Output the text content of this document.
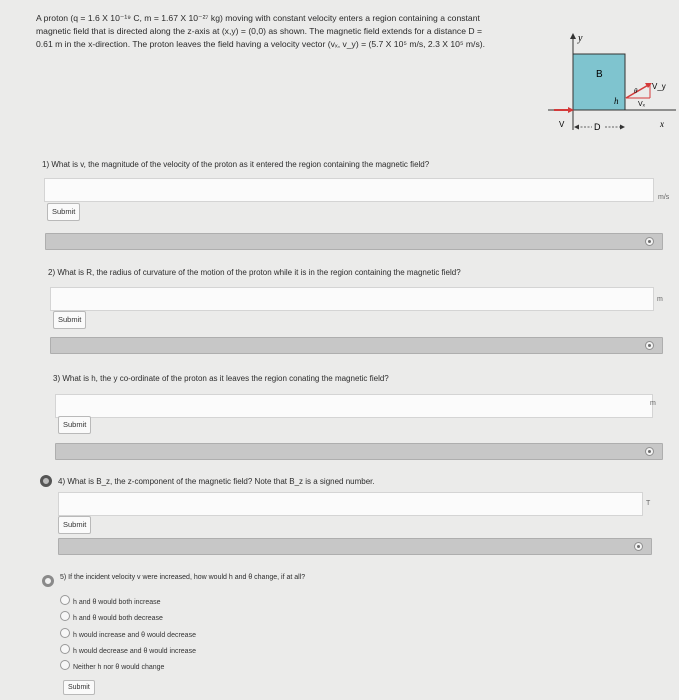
A proton (q = 1.6 X 10⁻¹⁹ C, m = 1.67 X 10⁻²⁷ kg) moving with constant velocity enters a region containing a constant
magnetic field that is directed along the z-axis at (x,y) = (0,0) as shown. The magnetic field extends for a distance D =
0.61 m in the x-direction. The proton leaves the field having a velocity vector (vₓ, v_y) = (5.7 X 10⁵ m/s, 2.3 X 10⁵ m/s).	y
x
B
h
V
θ V_y
Vₓ
D
1) What is v, the magnitude of the velocity of the proton as it entered the region containing the magnetic field?
m/s
Submit
2) What is R, the radius of curvature of the motion of the proton while it is in the region containing the magnetic field?
m
Submit
3) What is h, the y co-ordinate of the proton as it leaves the region conating the magnetic field?
m
Submit
4) What is B_z, the z-component of the magnetic field? Note that B_z is a signed number.
T
Submit
5) If the incident velocity v were increased, how would h and θ change, if at all?
h and θ would both increase
h and θ would both decrease
h would increase and θ would decrease
h would decrease and θ would increase
Neither h nor θ would change
Submit
